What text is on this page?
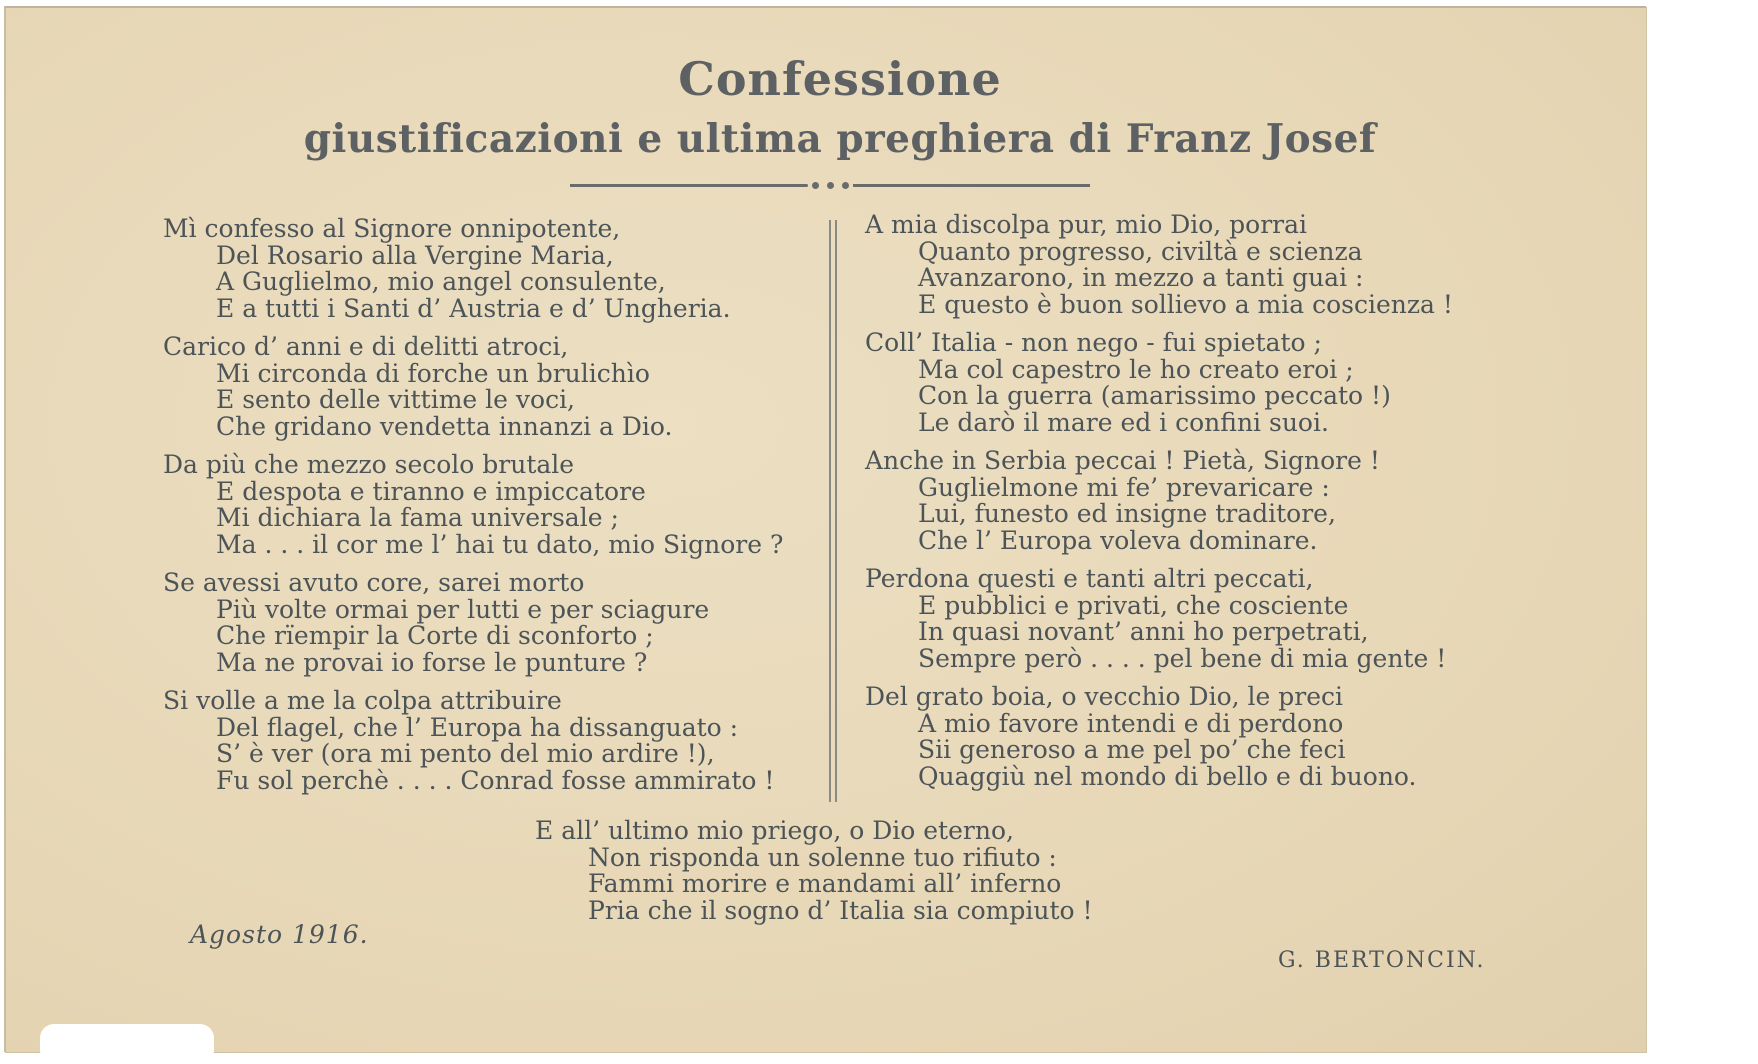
Confessione
giustificazioni e ultima preghiera di Franz Josef
Mì confesso al Signore onnipotente,
Del Rosario alla Vergine Maria,
A Guglielmo, mio angel consulente,
E a tutti i Santi d’ Austria e d’ Ungheria.
Carico d’ anni e di delitti atroci,
Mi circonda di forche un brulichìo
E sento delle vittime le voci,
Che gridano vendetta innanzi a Dio.
Da più che mezzo secolo brutale
E despota e tiranno e impiccatore
Mi dichiara la fama universale ;
Ma . . . il cor me l’ hai tu dato, mio Signore ?
Se avessi avuto core, sarei morto
Più volte ormai per lutti e per sciagure
Che rïempir la Corte di sconforto ;
Ma ne provai io forse le punture ?
Si volle a me la colpa attribuire
Del flagel, che l’ Europa ha dissanguato :
S’ è ver (ora mi pento del mio ardire !),
Fu sol perchè . . . . Conrad fosse ammirato !
A mia discolpa pur, mio Dio, porrai
Quanto progresso, civiltà e scienza
Avanzarono, in mezzo a tanti guai :
E questo è buon sollievo a mia coscienza !
Coll’ Italia - non nego - fui spietato ;
Ma col capestro le ho creato eroi ;
Con la guerra (amarissimo peccato !)
Le darò il mare ed i confini suoi.
Anche in Serbia peccai ! Pietà, Signore !
Guglielmone mi fe’ prevaricare :
Lui, funesto ed insigne traditore,
Che l’ Europa voleva dominare.
Perdona questi e tanti altri peccati,
E pubblici e privati, che cosciente
In quasi novant’ anni ho perpetrati,
Sempre però . . . . pel bene di mia gente !
Del grato boia, o vecchio Dio, le preci
A mio favore intendi e di perdono
Sii generoso a me pel po’ che feci
Quaggiù nel mondo di bello e di buono.
E all’ ultimo mio priego, o Dio eterno,
Non risponda un solenne tuo rifiuto :
Fammi morire e mandami all’ inferno
Pria che il sogno d’ Italia sia compiuto !
Agosto 1916.
G. BERTONCIN.
